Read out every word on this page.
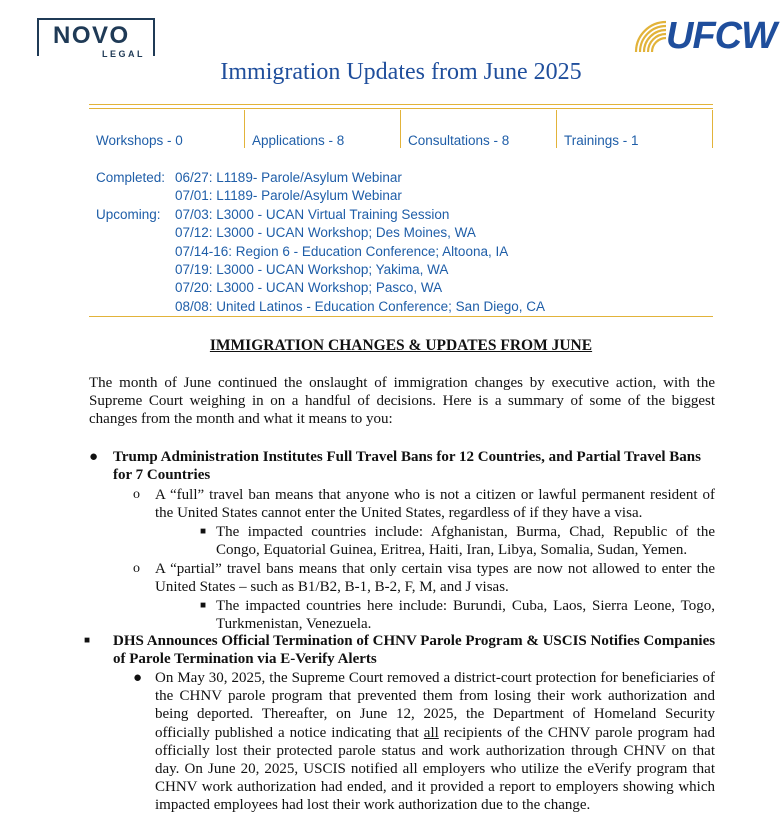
NOVO
LEGAL	UFCW
Immigration Updates from June 2025
Workshops - 0	Applications - 8	Consultations - 8	Trainings - 1
Completed: 06/27: L1189- Parole/Asylum Webinar
07/01: L1189- Parole/Asylum Webinar
Upcoming: 07/03: L3000 - UCAN Virtual Training Session
07/12: L3000 - UCAN Workshop; Des Moines, WA
07/14-16: Region 6 - Education Conference; Altoona, IA
07/19: L3000 - UCAN Workshop; Yakima, WA
07/20: L3000 - UCAN Workshop; Pasco, WA
08/08: United Latinos - Education Conference; San Diego, CA
IMMIGRATION CHANGES & UPDATES FROM JUNE
The month of June continued the onslaught of immigration changes by executive action, with the Supreme Court weighing in on a handful of decisions. Here is a summary of some of the biggest changes from the month and what it means to you:
● Trump Administration Institutes Full Travel Bans for 12 Countries, and Partial Travel Bans for 7 Countries
o A “full” travel ban means that anyone who is not a citizen or lawful permanent resident of the United States cannot enter the United States, regardless of if they have a visa.
■ The impacted countries include: Afghanistan, Burma, Chad, Republic of the Congo, Equatorial Guinea, Eritrea, Haiti, Iran, Libya, Somalia, Sudan, Yemen.
o A “partial” travel bans means that only certain visa types are now not allowed to enter the United States – such as B1/B2, B-1, B-2, F, M, and J visas.
■ The impacted countries here include: Burundi, Cuba, Laos, Sierra Leone, Togo, Turkmenistan, Venezuela.
■ DHS Announces Official Termination of CHNV Parole Program & USCIS Notifies Companies of Parole Termination via E-Verify Alerts
● On May 30, 2025, the Supreme Court removed a district-court protection for beneficiaries of the CHNV parole program that prevented them from losing their work authorization and being deported. Thereafter, on June 12, 2025, the Department of Homeland Security officially published a notice indicating that all recipients of the CHNV parole program had officially lost their protected parole status and work authorization through CHNV on that day. On June 20, 2025, USCIS notified all employers who utilize the eVerify program that CHNV work authorization had ended, and it provided a report to employers showing which impacted employees had lost their work authorization due to the change.
